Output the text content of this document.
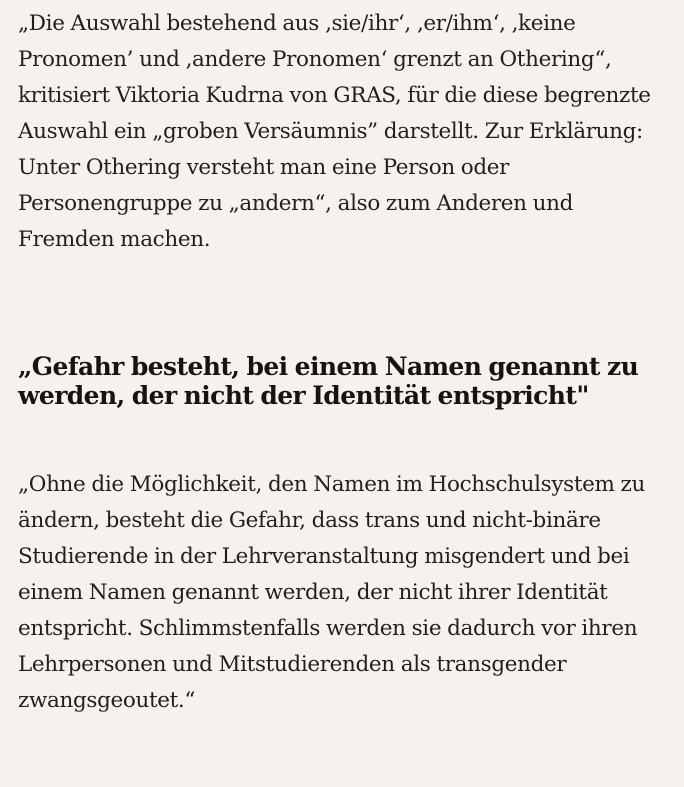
„Die Auswahl bestehend aus ‚sie/ihr‘, ‚er/ihm‘, ‚keine Pronomen’ und ‚andere Pronomen‘ grenzt an Othering“, kritisiert Viktoria Kudrna von GRAS, für die diese begrenzte Auswahl ein „groben Versäumnis” darstellt. Zur Erklärung: Unter Othering versteht man eine Person oder Personengruppe zu „andern“, also zum Anderen und Fremden machen.

„Gefahr besteht, bei einem Namen genannt zu werden, der nicht der Identität entspricht"

„Ohne die Möglichkeit, den Namen im Hochschulsystem zu ändern, besteht die Gefahr, dass trans und nicht-binäre Studierende in der Lehrveranstaltung misgendert und bei einem Namen genannt werden, der nicht ihrer Identität entspricht. Schlimmstenfalls werden sie dadurch vor ihren Lehrpersonen und Mitstudierenden als transgender zwangsgeoutet.“
